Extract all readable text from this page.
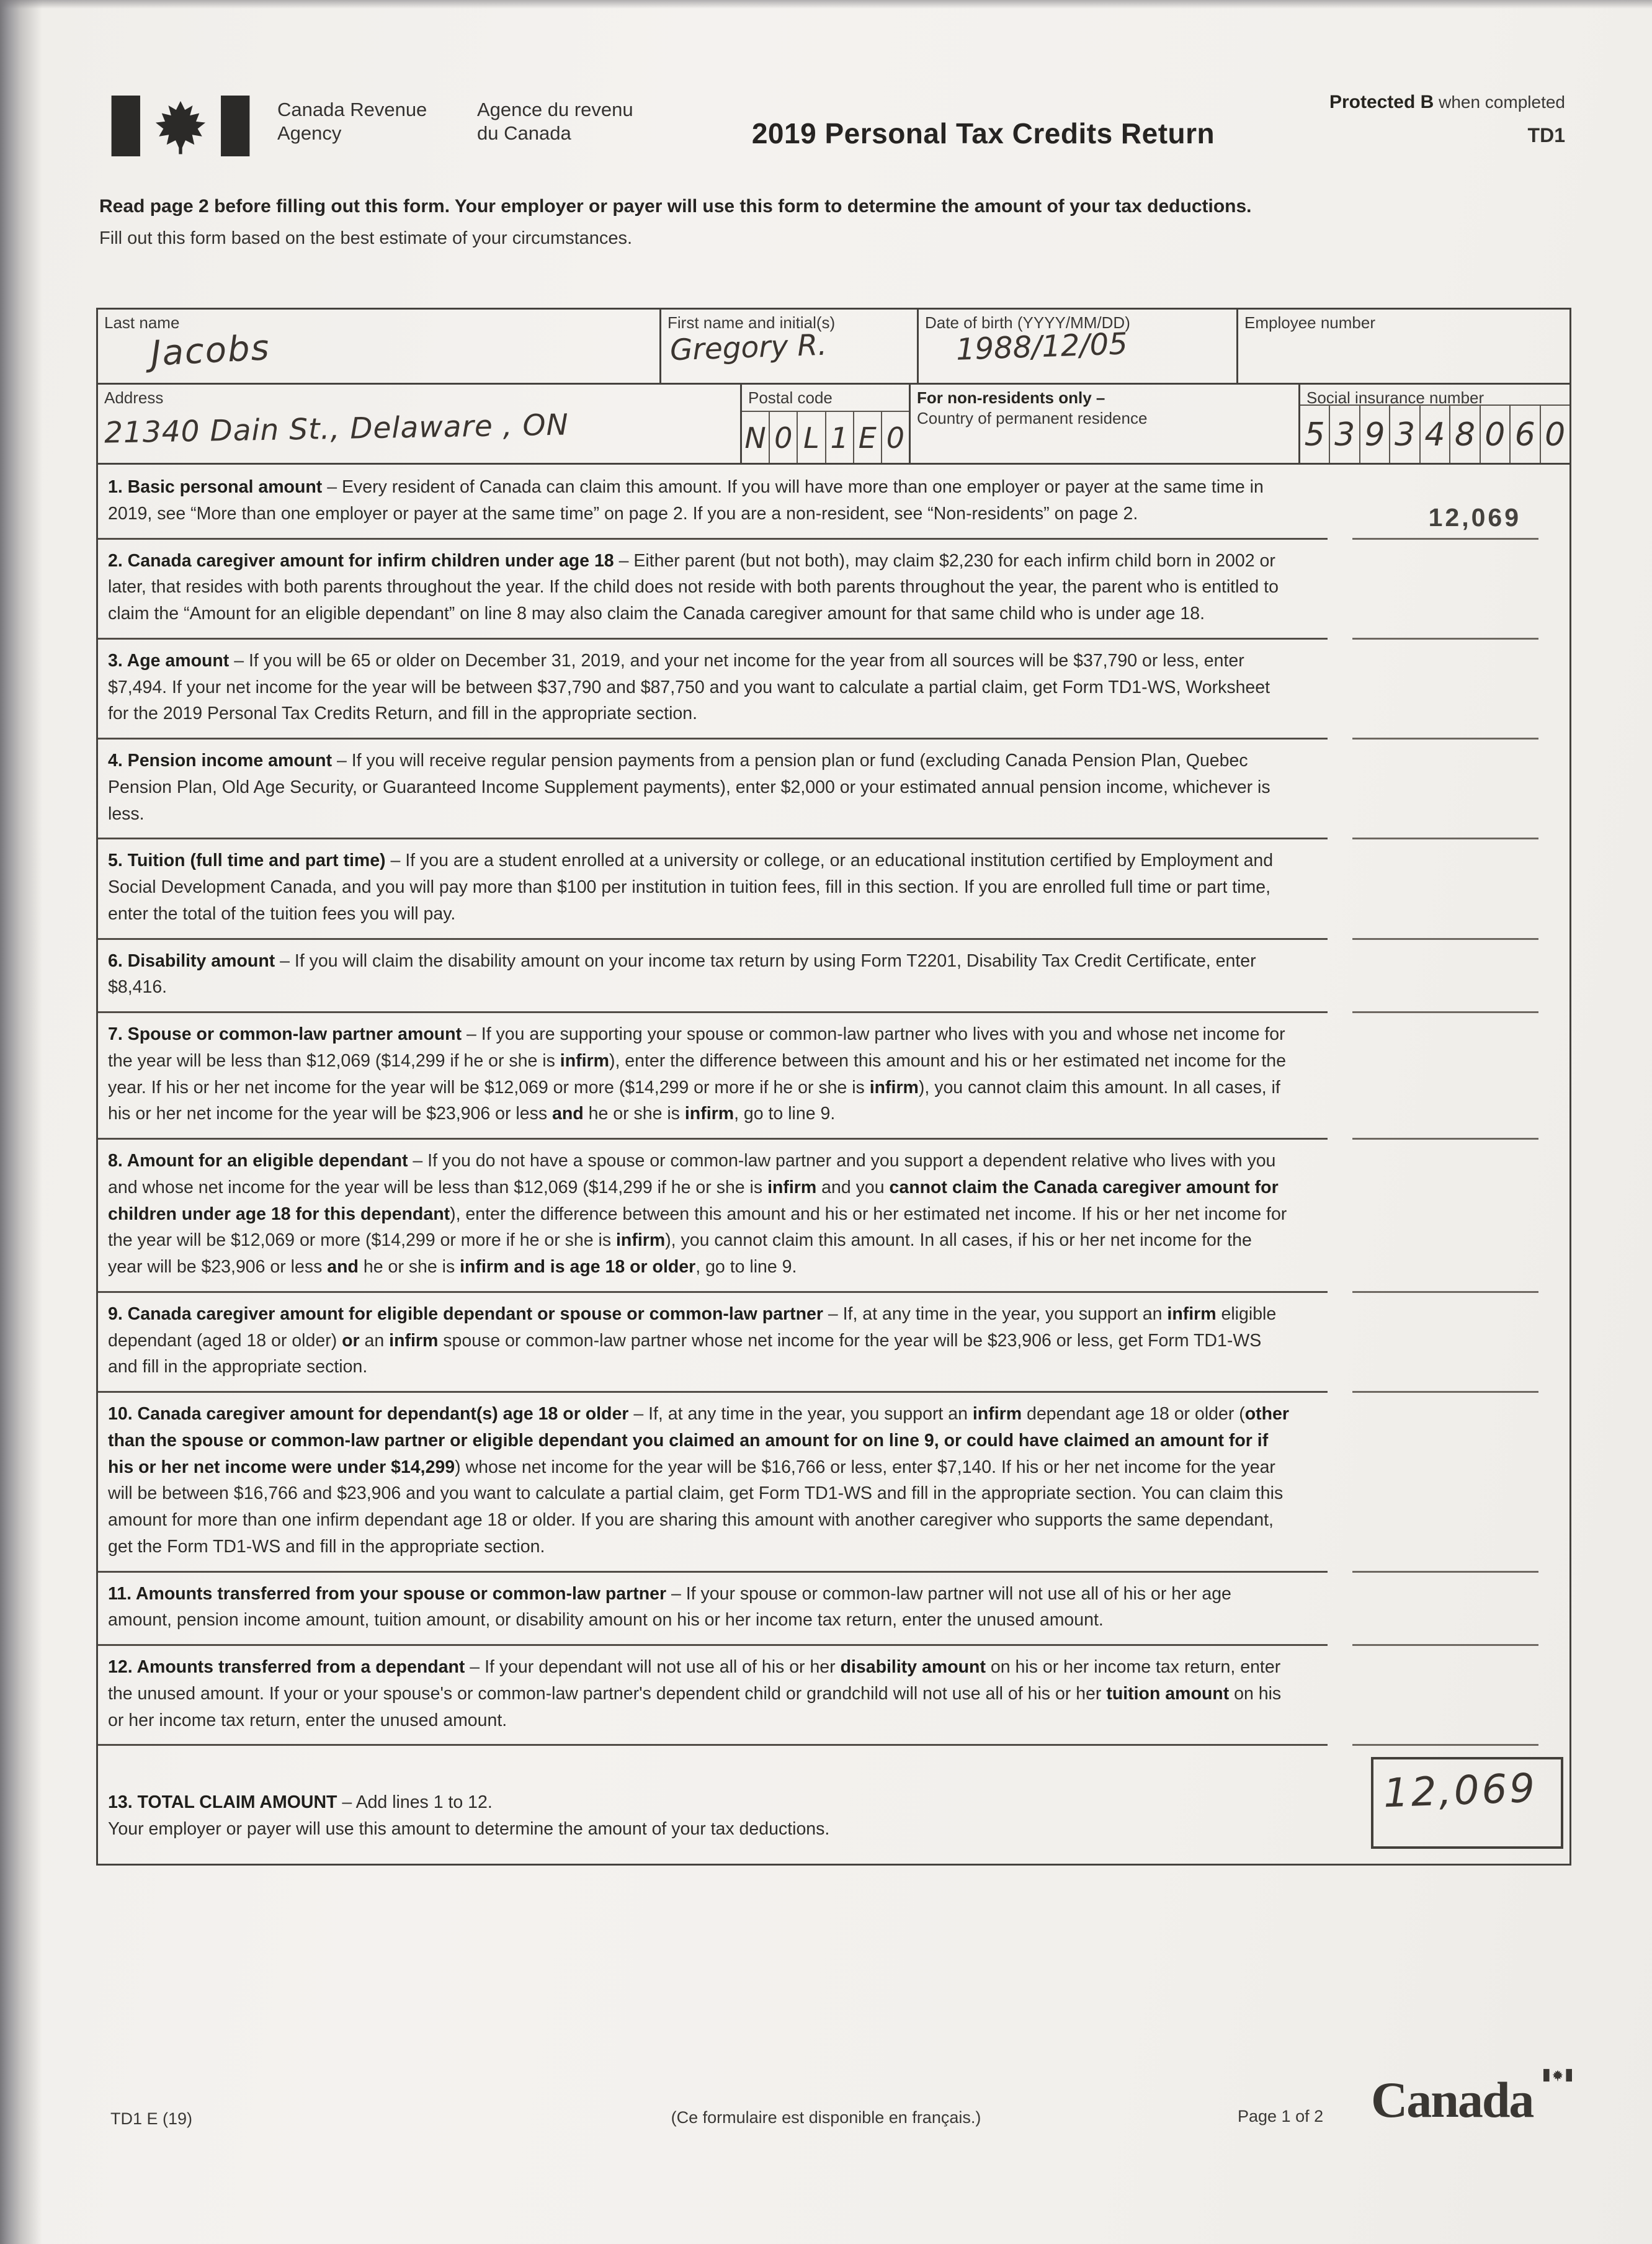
Canada Revenue
Agency
Agence du revenu
du Canada	2019 Personal Tax Credits Return
Protected B when completed
TD1
Read page 2 before filling out this form. Your employer or payer will use this form to determine the amount of your tax deductions.
Fill out this form based on the best estimate of your circumstances.
Last name
Jacobs
First name and initial(s)
Gregory R.
Date of birth (YYYY/MM/DD)
1988/12/05
Employee number
Address
21340 Dain St., Delaware , ON
Postal code
N 0 L 1 E 0
For non-residents only –
Country of permanent residence
Social insurance number
5 3 9 3 4 8 0 6 0
1. Basic personal amount – Every resident of Canada can claim this amount. If you will have more than one employer or payer at the same time in 2019, see “More than one employer or payer at the same time” on page 2. If you are a non-resident, see “Non-residents” on page 2.	12,069
2. Canada caregiver amount for infirm children under age 18 – Either parent (but not both), may claim $2,230 for each infirm child born in 2002 or later, that resides with both parents throughout the year. If the child does not reside with both parents throughout the year, the parent who is entitled to claim the “Amount for an eligible dependant” on line 8 may also claim the Canada caregiver amount for that same child who is under age 18.
3. Age amount – If you will be 65 or older on December 31, 2019, and your net income for the year from all sources will be $37,790 or less, enter $7,494. If your net income for the year will be between $37,790 and $87,750 and you want to calculate a partial claim, get Form TD1-WS, Worksheet for the 2019 Personal Tax Credits Return, and fill in the appropriate section.
4. Pension income amount – If you will receive regular pension payments from a pension plan or fund (excluding Canada Pension Plan, Quebec Pension Plan, Old Age Security, or Guaranteed Income Supplement payments), enter $2,000 or your estimated annual pension income, whichever is less.
5. Tuition (full time and part time) – If you are a student enrolled at a university or college, or an educational institution certified by Employment and Social Development Canada, and you will pay more than $100 per institution in tuition fees, fill in this section. If you are enrolled full time or part time, enter the total of the tuition fees you will pay.
6. Disability amount – If you will claim the disability amount on your income tax return by using Form T2201, Disability Tax Credit Certificate, enter $8,416.
7. Spouse or common-law partner amount – If you are supporting your spouse or common-law partner who lives with you and whose net income for the year will be less than $12,069 ($14,299 if he or she is infirm), enter the difference between this amount and his or her estimated net income for the year. If his or her net income for the year will be $12,069 or more ($14,299 or more if he or she is infirm), you cannot claim this amount. In all cases, if his or her net income for the year will be $23,906 or less and he or she is infirm, go to line 9.
8. Amount for an eligible dependant – If you do not have a spouse or common-law partner and you support a dependent relative who lives with you and whose net income for the year will be less than $12,069 ($14,299 if he or she is infirm and you cannot claim the Canada caregiver amount for children under age 18 for this dependant), enter the difference between this amount and his or her estimated net income. If his or her net income for the year will be $12,069 or more ($14,299 or more if he or she is infirm), you cannot claim this amount. In all cases, if his or her net income for the year will be $23,906 or less and he or she is infirm and is age 18 or older, go to line 9.
9. Canada caregiver amount for eligible dependant or spouse or common-law partner – If, at any time in the year, you support an infirm eligible dependant (aged 18 or older) or an infirm spouse or common-law partner whose net income for the year will be $23,906 or less, get Form TD1-WS and fill in the appropriate section.
10. Canada caregiver amount for dependant(s) age 18 or older – If, at any time in the year, you support an infirm dependant age 18 or older (other than the spouse or common-law partner or eligible dependant you claimed an amount for on line 9, or could have claimed an amount for if his or her net income were under $14,299) whose net income for the year will be $16,766 or less, enter $7,140. If his or her net income for the year will be between $16,766 and $23,906 and you want to calculate a partial claim, get Form TD1-WS and fill in the appropriate section. You can claim this amount for more than one infirm dependant age 18 or older. If you are sharing this amount with another caregiver who supports the same dependant, get the Form TD1-WS and fill in the appropriate section.
11. Amounts transferred from your spouse or common-law partner – If your spouse or common-law partner will not use all of his or her age amount, pension income amount, tuition amount, or disability amount on his or her income tax return, enter the unused amount.
12. Amounts transferred from a dependant – If your dependant will not use all of his or her disability amount on his or her income tax return, enter the unused amount. If your or your spouse's or common-law partner's dependent child or grandchild will not use all of his or her tuition amount on his or her income tax return, enter the unused amount.
13. TOTAL CLAIM AMOUNT – Add lines 1 to 12.
Your employer or payer will use this amount to determine the amount of your tax deductions.
12,069
TD1 E (19)	(Ce formulaire est disponible en français.)	Page 1 of 2 Canada
